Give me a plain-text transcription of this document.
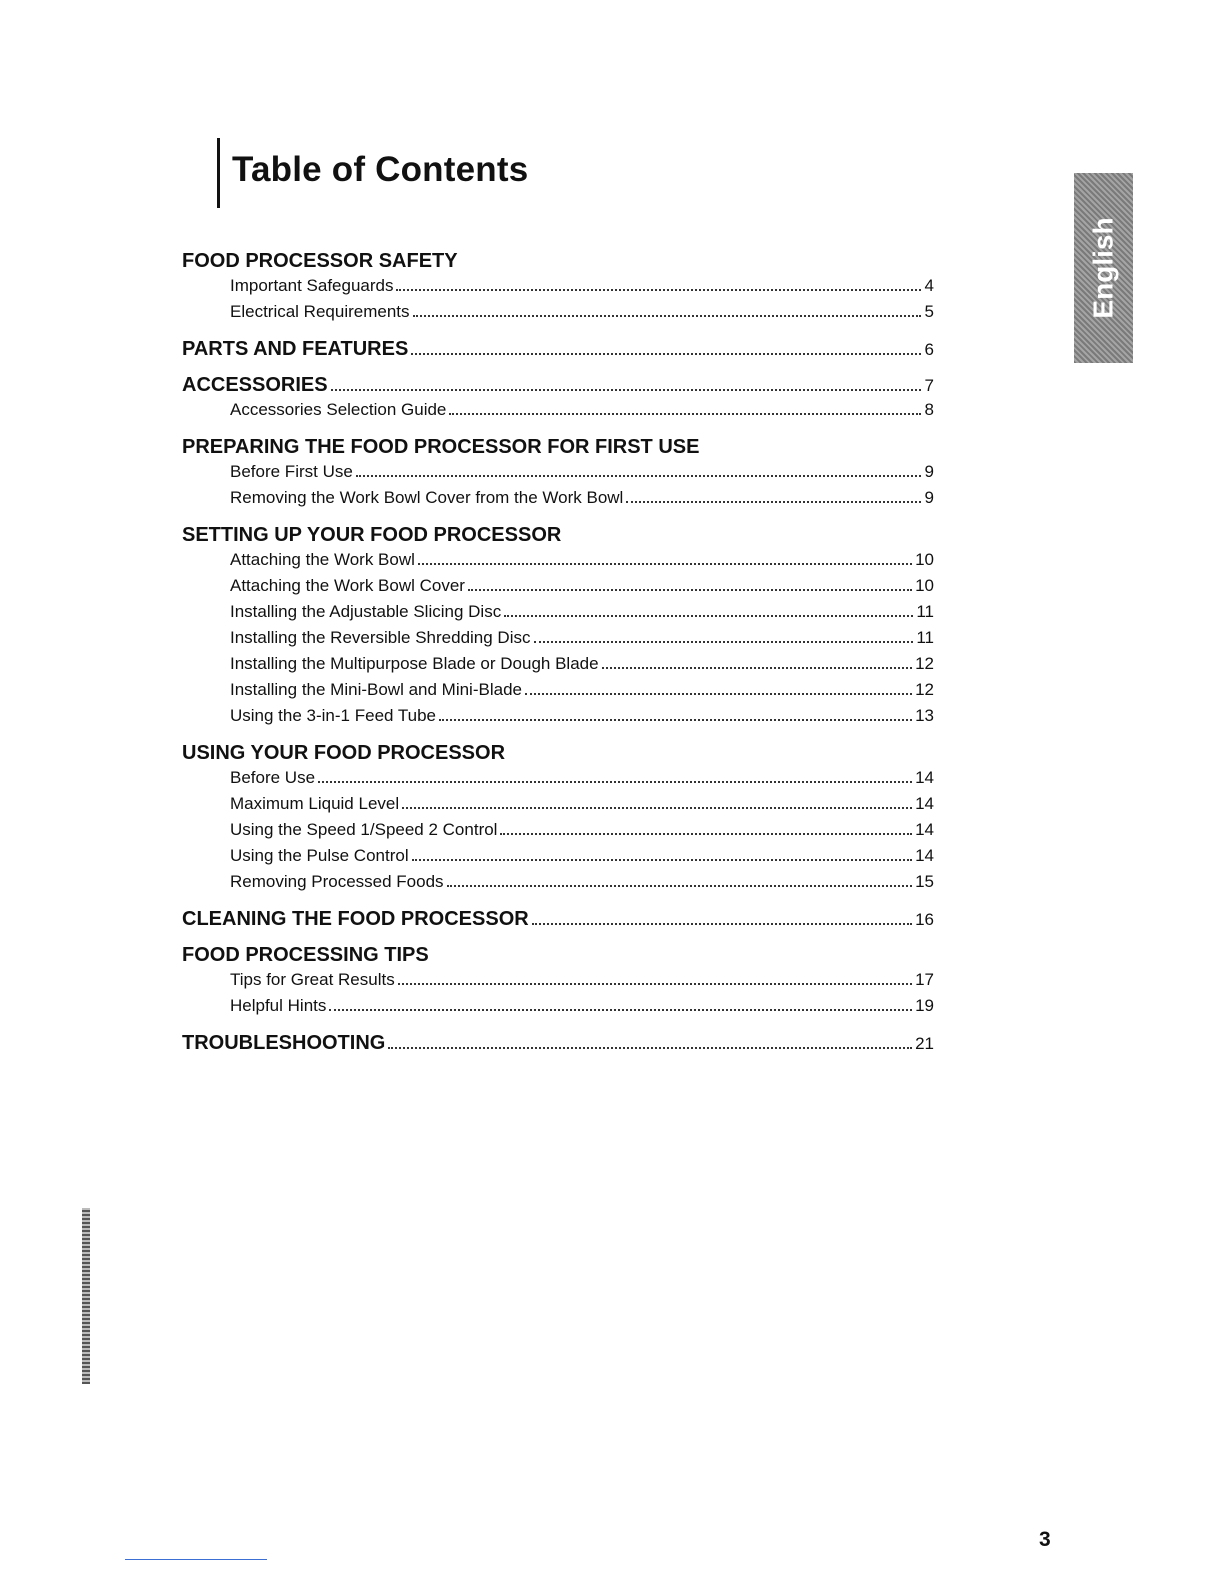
Table of Contents
FOOD PROCESSOR SAFETY
Important Safeguards	4
Electrical Requirements	5
PARTS AND FEATURES	6
ACCESSORIES	7
Accessories Selection Guide	8
PREPARING THE FOOD PROCESSOR FOR FIRST USE
Before First Use	9
Removing the Work Bowl Cover from the Work Bowl	9
SETTING UP YOUR FOOD PROCESSOR
Attaching the Work Bowl	10
Attaching the Work Bowl Cover	10
Installing the Adjustable Slicing Disc	11
Installing the Reversible Shredding Disc	11
Installing the Multipurpose Blade or Dough Blade	12
Installing the Mini-Bowl and Mini-Blade	12
Using the 3-in-1 Feed Tube	13
USING YOUR FOOD PROCESSOR
Before Use	14
Maximum Liquid Level	14
Using the Speed 1/Speed 2 Control	14
Using the Pulse Control	14
Removing Processed Foods	15
CLEANING THE FOOD PROCESSOR	16
FOOD PROCESSING TIPS
Tips for Great Results	17
Helpful Hints	19
TROUBLESHOOTING	21
English
3
